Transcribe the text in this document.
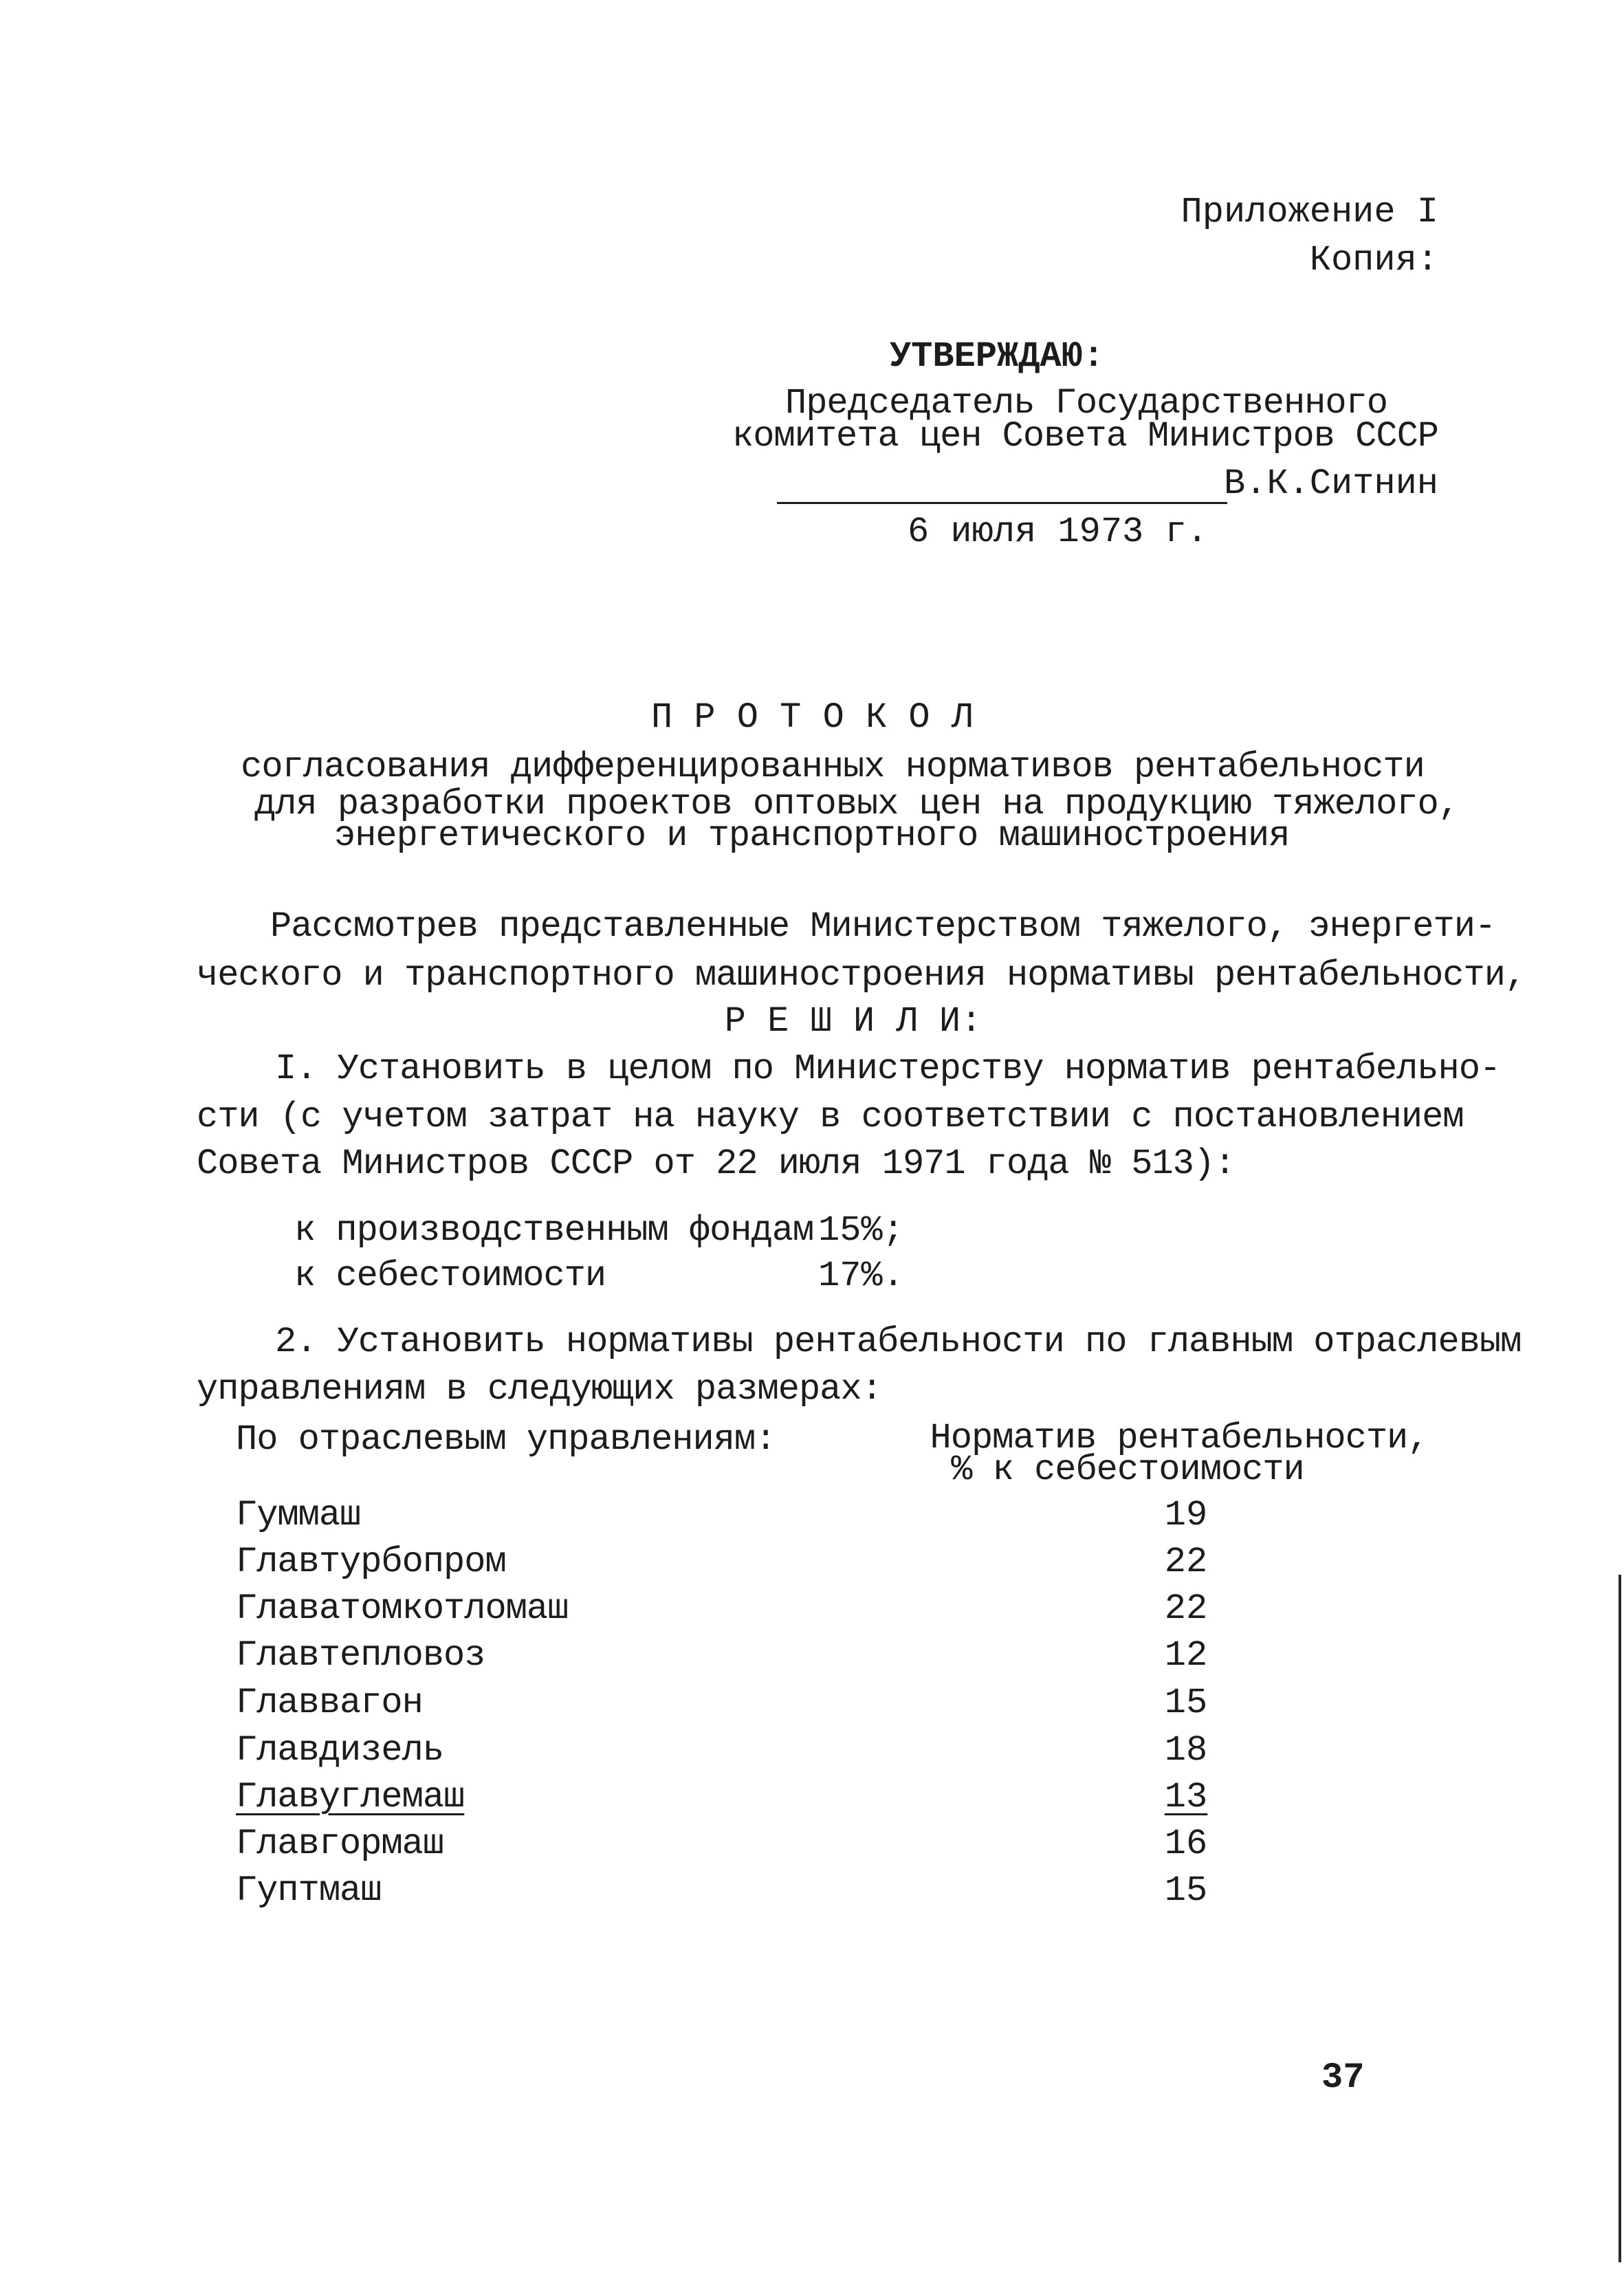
Приложение I
Копия:
УТВЕРЖДАЮ:
Председатель Государственного
комитета цен Совета Министров СССР
В.К.Ситнин
6 июля 1973 г.
П Р О Т О К О Л
согласования дифференцированных нормативов рентабельности
для разработки проектов оптовых цен на продукцию тяжелого,
энергетического и транспортного машиностроения
Рассмотрев представленные Министерством тяжелого, энергети-
ческого и транспортного машиностроения нормативы рентабельности,
Р Е Ш И Л И:
I. Установить в целом по Министерству норматив рентабельно-
сти (с учетом затрат на науку в соответствии с постановлением
Совета Министров СССР от 22 июля 1971 года № 513):
к производственным фондам 15%;
к себестоимости	17%.
2. Установить нормативы рентабельности по главным отраслевым
управлениям в следующих размерах:
По отраслевым управлениям:	Норматив рентабельности,
% к себестоимости
Гуммаш	19
Главтурбопром	22
Главатомкотломаш	22
Главтепловоз	12
Главвагон	15
Главдизель	18
Главуглемаш	13
Главгормаш	16
Гуптмаш	15
37
